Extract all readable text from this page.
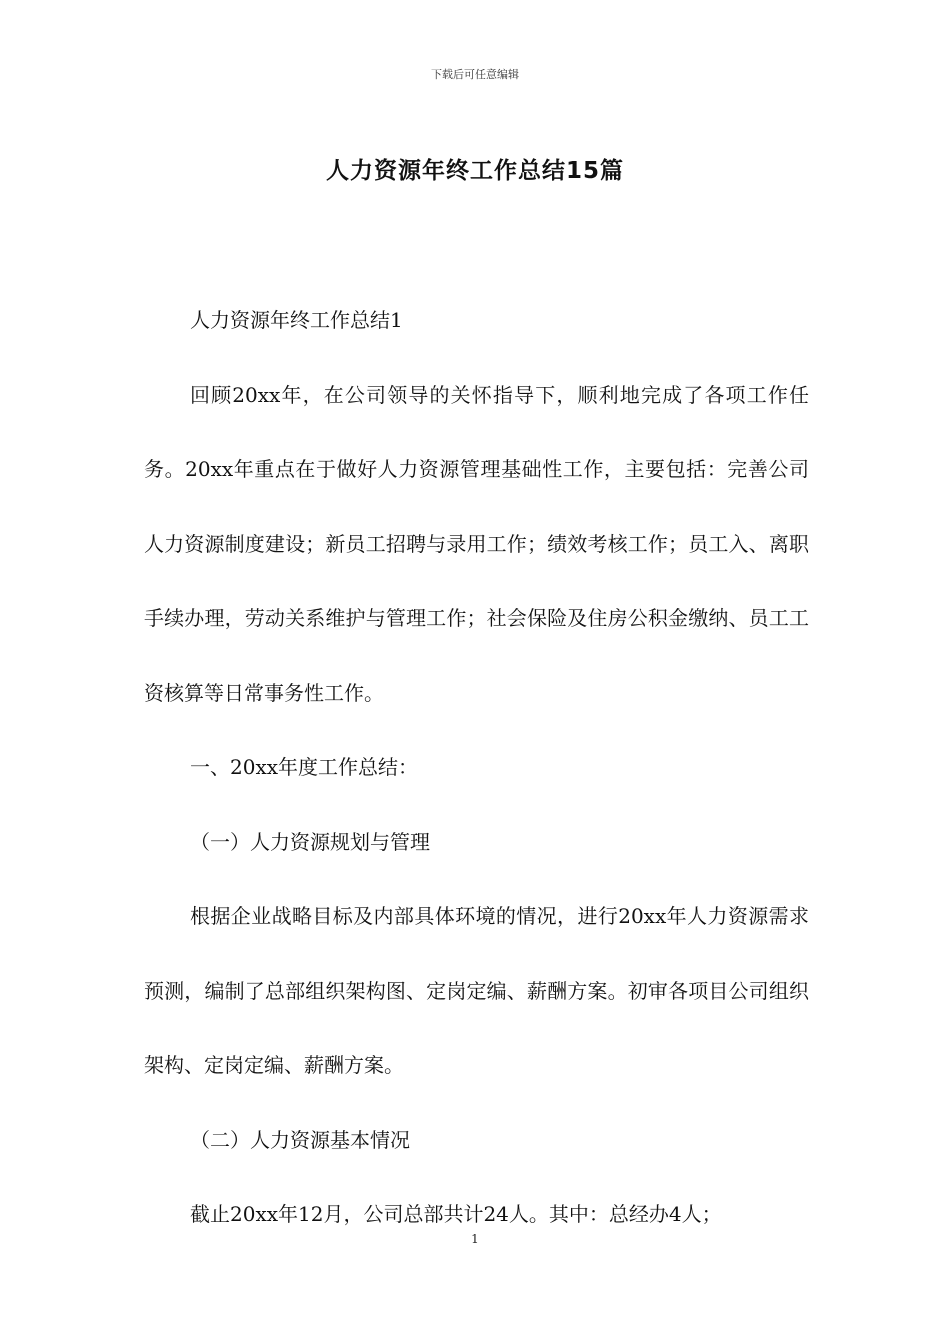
下载后可任意编辑
人力资源年终工作总结15篇

人力资源年终工作总结1

回顾20xx年，在公司领导的关怀指导下，顺利地完成了各项工作任务。20xx年重点在于做好人力资源管理基础性工作，主要包括：完善公司人力资源制度建设；新员工招聘与录用工作；绩效考核工作；员工入、离职手续办理，劳动关系维护与管理工作；社会保险及住房公积金缴纳、员工工资核算等日常事务性工作。

一、20xx年度工作总结：

（一）人力资源规划与管理

根据企业战略目标及内部具体环境的情况，进行20xx年人力资源需求预测，编制了总部组织架构图、定岗定编、薪酬方案。初审各项目公司组织架构、定岗定编、薪酬方案。

（二）人力资源基本情况

截止20xx年12月，公司总部共计24人。其中：总经办4人；

1
